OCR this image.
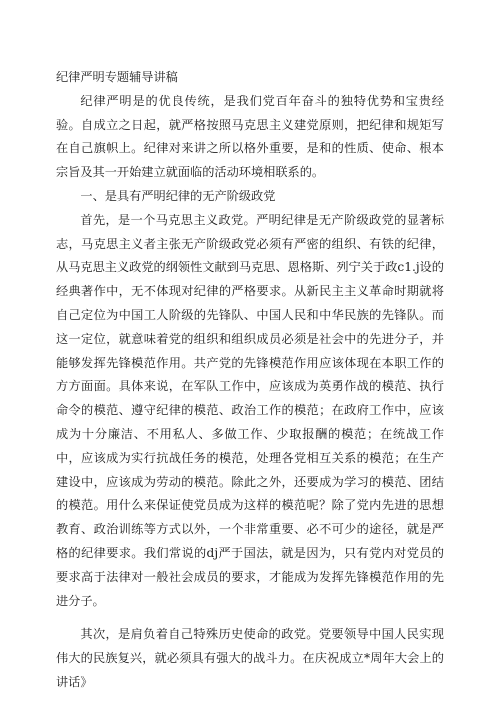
纪律严明专题辅导讲稿

纪律严明是的优良传统，是我们党百年奋斗的独特优势和宝贵经验。自成立之日起，就严格按照马克思主义建党原则，把纪律和规矩写在自己旗帜上。纪律对来讲之所以格外重要，是和的性质、使命、根本宗旨及其一开始建立就面临的活动环境相联系的。

一、是具有严明纪律的无产阶级政党

首先，是一个马克思主义政党。严明纪律是无产阶级政党的显著标志，马克思主义者主张无产阶级政党必须有严密的组织、有铁的纪律，从马克思主义政党的纲领性文献到马克思、恩格斯、列宁关于政c1.j设的经典著作中，无不体现对纪律的严格要求。从新民主主义革命时期就将自己定位为中国工人阶级的先锋队、中国人民和中华民族的先锋队。而这一定位，就意味着党的组织和组织成员必须是社会中的先进分子，并能够发挥先锋模范作用。共产党的先锋模范作用应该体现在本职工作的方方面面。具体来说，在军队工作中，应该成为英勇作战的模范、执行命令的模范、遵守纪律的模范、政治工作的模范；在政府工作中，应该成为十分廉洁、不用私人、多做工作、少取报酬的模范；在统战工作中，应该成为实行抗战任务的模范，处理各党相互关系的模范；在生产建设中，应该成为劳动的模范。除此之外，还要成为学习的模范、团结的模范。用什么来保证使党员成为这样的模范呢？除了党内先进的思想教育、政治训练等方式以外，一个非常重要、必不可少的途径，就是严格的纪律要求。我们常说的dj严于国法，就是因为，只有党内对党员的要求高于法律对一般社会成员的要求，才能成为发挥先锋模范作用的先进分子。

其次，是肩负着自己特殊历史使命的政党。党要领导中国人民实现伟大的民族复兴，就必须具有强大的战斗力。在庆祝成立*周年大会上的讲话》
